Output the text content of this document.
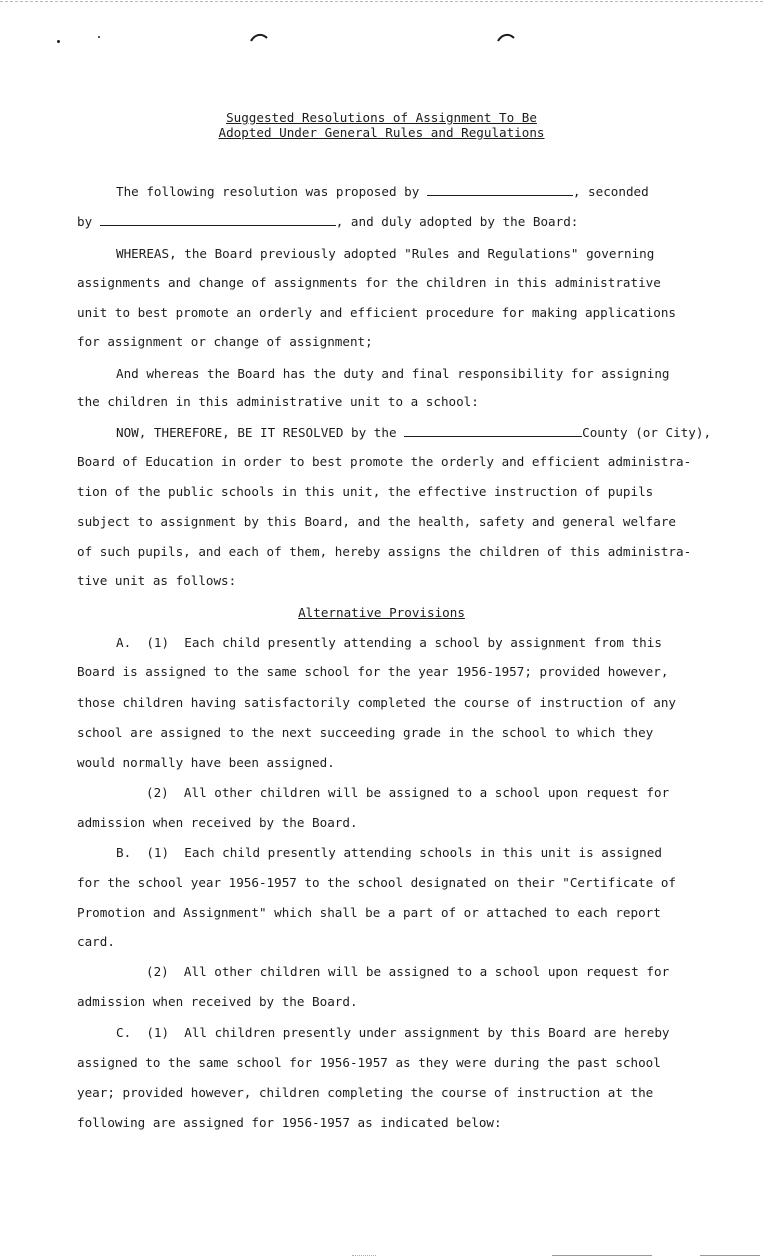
Suggested Resolutions of Assignment To Be
Adopted Under General Rules and Regulations
The following resolution was proposed by	, seconded
by	, and duly adopted by the Board:
WHEREAS, the Board previously adopted "Rules and Regulations" governing
assignments and change of assignments for the children in this administrative
unit to best promote an orderly and efficient procedure for making applications
for assignment or change of assignment;
And whereas the Board has the duty and final responsibility for assigning
the children in this administrative unit to a school:
NOW, THEREFORE, BE IT RESOLVED by the	County (or City),
Board of Education in order to best promote the orderly and efficient administra-
tion of the public schools in this unit, the effective instruction of pupils
subject to assignment by this Board, and the health, safety and general welfare
of such pupils, and each of them, hereby assigns the children of this administra-
tive unit as follows:
Alternative Provisions
A.  (1)  Each child presently attending a school by assignment from this
Board is assigned to the same school for the year 1956-1957; provided however,
those children having satisfactorily completed the course of instruction of any
school are assigned to the next succeeding grade in the school to which they
would normally have been assigned.
(2)  All other children will be assigned to a school upon request for
admission when received by the Board.
B.  (1)  Each child presently attending schools in this unit is assigned
for the school year 1956-1957 to the school designated on their "Certificate of
Promotion and Assignment" which shall be a part of or attached to each report
card.
(2)  All other children will be assigned to a school upon request for
admission when received by the Board.
C.  (1)  All children presently under assignment by this Board are hereby
assigned to the same school for 1956-1957 as they were during the past school
year; provided however, children completing the course of instruction at the
following are assigned for 1956-1957 as indicated below:
